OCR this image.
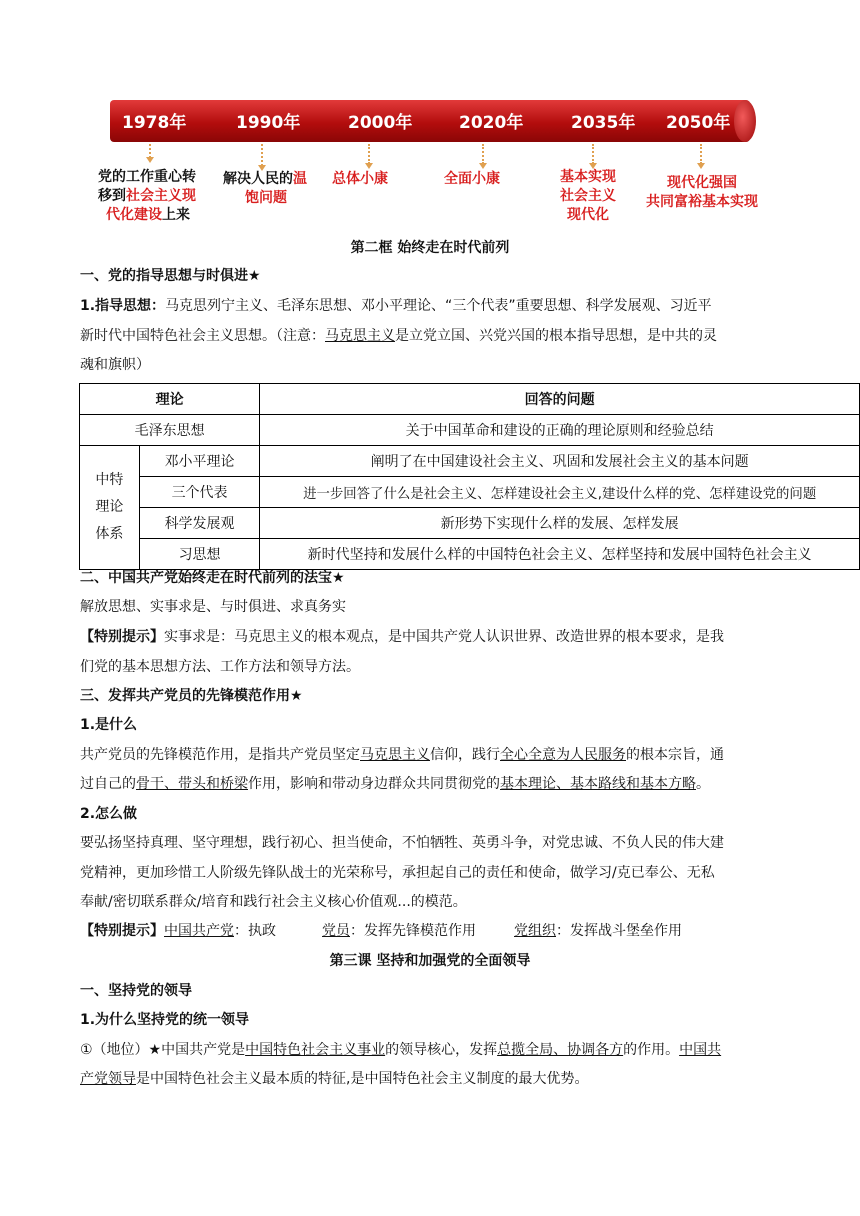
1978年	1990年	2000年	2020年	2035年 2050年
党的工作重心转
移到社会主义现
代化建设上来
解决人民的温
饱问题
总体小康	全面小康	基本实现
社会主义
现代化
现代化强国
共同富裕基本实现
第二框 始终走在时代前列
一、党的指导思想与时俱进★
1.指导思想：马克思列宁主义、毛泽东思想、邓小平理论、“三个代表”重要思想、科学发展观、习近平
新时代中国特色社会主义思想。（注意：马克思主义是立党立国、兴党兴国的根本指导思想，是中共的灵
魂和旗帜）
理论		回答的问题
毛泽东思想		关于中国革命和建设的正确的理论原则和经验总结

中特
理论
体系	邓小平理论	阐明了在中国建设社会主义、巩固和发展社会主义的基本问题
	三个代表	进一步回答了什么是社会主义、怎样建设社会主义,建设什么样的党、怎样建设党的问题
	科学发展观	新形势下实现什么样的发展、怎样发展
	习思想	新时代坚持和发展什么样的中国特色社会主义、怎样坚持和发展中国特色社会主义
二、中国共产党始终走在时代前列的法宝★
解放思想、实事求是、与时俱进、求真务实
【特别提示】实事求是：马克思主义的根本观点，是中国共产党人认识世界、改造世界的根本要求，是我
们党的基本思想方法、工作方法和领导方法。
三、发挥共产党员的先锋模范作用★
1.是什么
共产党员的先锋模范作用，是指共产党员坚定马克思主义信仰，践行全心全意为人民服务的根本宗旨，通
过自己的骨干、带头和桥梁作用，影响和带动身边群众共同贯彻党的基本理论、基本路线和基本方略。
2.怎么做
要弘扬坚持真理、坚守理想，践行初心、担当使命，不怕牺牲、英勇斗争，对党忠诚、不负人民的伟大建
党精神，更加珍惜工人阶级先锋队战士的光荣称号，承担起自己的责任和使命，做学习/克已奉公、无私
奉献/密切联系群众/培育和践行社会主义核心价值观...的模范。
【特别提示】中国共产党：执政	党员：发挥先锋模范作用	党组织：发挥战斗堡垒作用
第三课 坚持和加强党的全面领导
一、坚持党的领导
1.为什么坚持党的统一领导
①（地位）★中国共产党是中国特色社会主义事业的领导核心，发挥总揽全局、协调各方的作用。中国共
产党领导是中国特色社会主义最本质的特征,是中国特色社会主义制度的最大优势。
